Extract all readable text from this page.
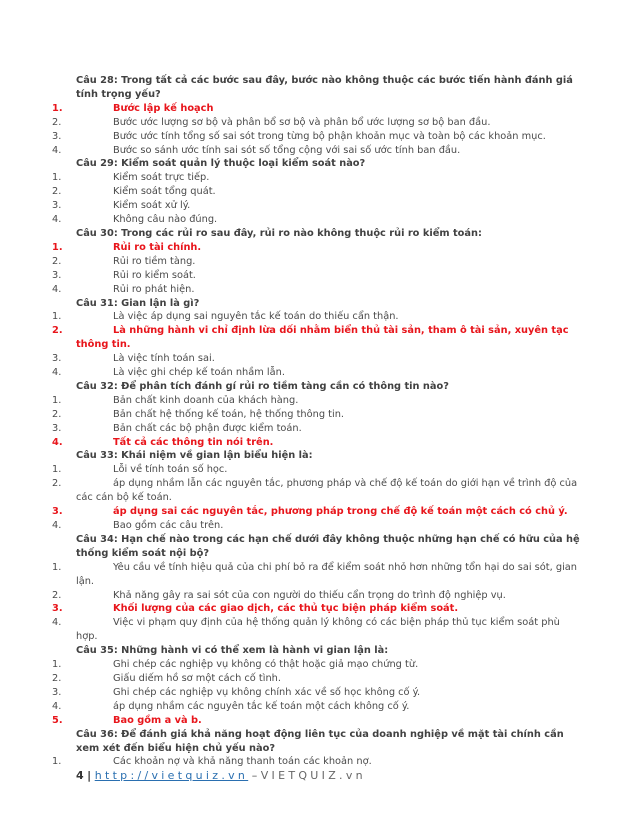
Câu 28: Trong tất cả các bước sau đây, bước nào không thuộc các bước tiến hành đánh giá tính trọng yếu?
1.	Bước lập kế hoạch
2.	Bước ước lượng sơ bộ và phân bổ sơ bộ và phân bổ ước lượng sơ bộ ban đầu.
3.	Bước ước tính tổng số sai sót trong từng bộ phận khoản mục và toàn bộ các khoản mục.
4.	Bước so sánh ước tính sai sót số tổng cộng với sai số ước tính ban đầu.
Câu 29: Kiểm soát quản lý thuộc loại kiểm soát nào?
1.	Kiểm soát trực tiếp.
2.	Kiểm soát tổng quát.
3.	Kiểm soát xử lý.
4.	Không câu nào đúng.
Câu 30: Trong các rủi ro sau đây, rủi ro nào không thuộc rủi ro kiểm toán:
1.	Rủi ro tài chính.
2.	Rủi ro tiềm tàng.
3.	Rủi ro kiểm soát.
4.	Rủi ro phát hiện.
Câu 31: Gian lận là gì?
1.	Là việc áp dụng sai nguyên tắc kế toán do thiếu cẩn thận.
2.	Là những hành vi chỉ định lừa dối nhằm biển thủ tài sản, tham ô tài sản, xuyên tạc
thông tin.
3.	Là việc tính toán sai.
4.	Là việc ghi chép kế toán nhầm lẫn.
Câu 32: Để phân tích đánh gí rủi ro tiềm tàng cần có thông tin nào?
1.	Bản chất kinh doanh của khách hàng.
2.	Bản chất hệ thống kế toán, hệ thống thông tin.
3.	Bản chất các bộ phận được kiểm toán.
4.	Tất cả các thông tin nói trên.
Câu 33: Khái niệm về gian lận biểu hiện là:
1.	Lỗi về tính toán số học.
2.	áp dụng nhầm lẫn các nguyên tắc, phương pháp và chế độ kế toán do giới hạn về trình độ của
các cán bộ kế toán.
3.	áp dụng sai các nguyên tắc, phương pháp trong chế độ kế toán một cách có chủ ý.
4.	Bao gồm các câu trên.
Câu 34: Hạn chế nào trong các hạn chế dưới đây không thuộc những hạn chế có hữu của hệ thống kiểm soát nội bộ?
1.	Yêu cầu về tính hiệu quả của chi phí bỏ ra để kiểm soát nhỏ hơn những tổn hại do sai sót, gian
lận.
2.	Khả năng gây ra sai sót của con người do thiếu cẩn trọng do trình độ nghiệp vụ.
3.	Khối lượng của các giao dịch, các thủ tục biện pháp kiểm soát.
4.	Việc vi phạm quy định của hệ thống quản lý không có các biện pháp thủ tục kiểm soát phù
hợp.
Câu 35: Những hành vi có thể xem là hành vi gian lận là:
1.	Ghi chép các nghiệp vụ không có thật hoặc giả mạo chứng từ.
2.	Giấu diếm hồ sơ một cách cố tình.
3.	Ghi chép các nghiệp vụ không chính xác về số học không cố ý.
4.	áp dụng nhầm các nguyên tắc kế toán một cách không cố ý.
5.	Bao gồm a và b.
Câu 36: Để đánh giá khả năng hoạt động liên tục của doanh nghiệp về mặt tài chính cần xem xét đến biểu hiện chủ yếu nào?
1.	Các khoản nợ và khả năng thanh toán các khoản nợ.
4 | http://vietquiz.vn – VIETQUIZ.vn
